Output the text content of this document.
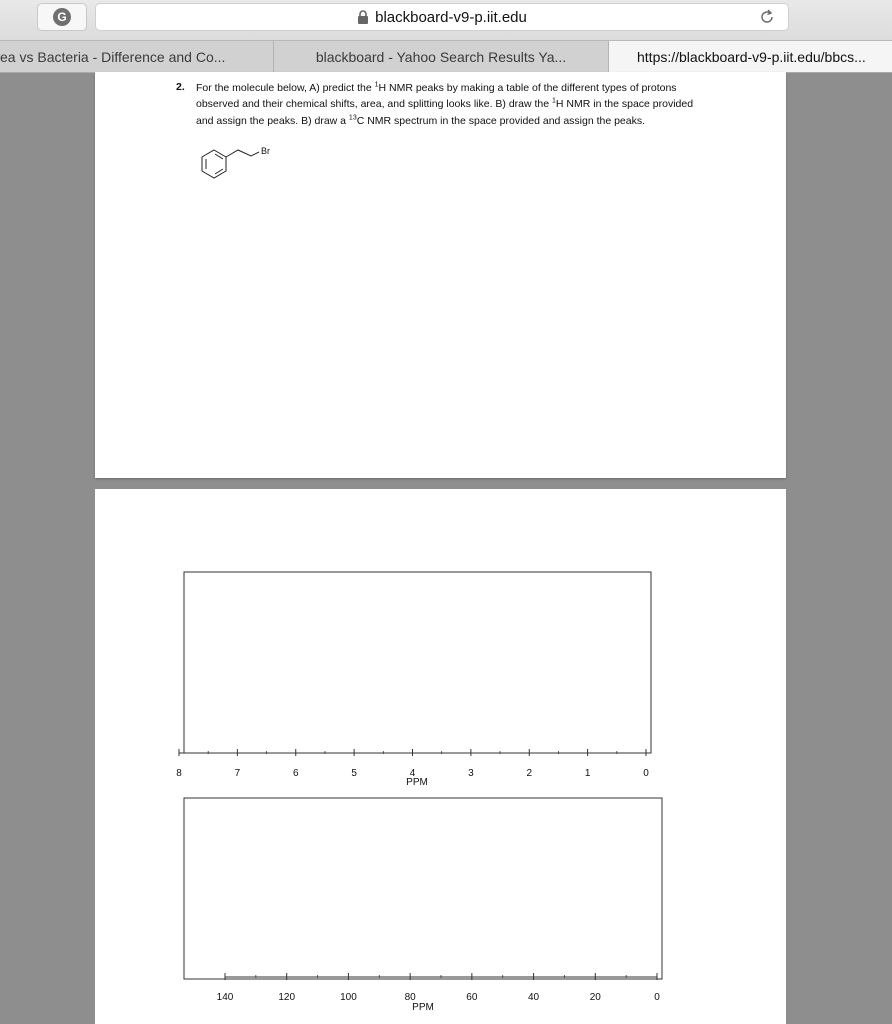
G	blackboard-v9-p.iit.edu
ea vs Bacteria - Difference and Co...	blackboard - Yahoo Search Results Ya...	https://blackboard-v9-p.iit.edu/bbcs...
2. For the molecule below, A) predict the $^1$H NMR peaks by making a table of the different types of protons observed and their chemical shifts, area, and splitting looks like. B) draw the $^1$H NMR in the space provided and assign the peaks. B) draw a $^{13}$C NMR spectrum in the space provided and assign the peaks.
Br
PPM
8	7	6	5	4	3	2	1	0
PPM
140	120	100	80	60	40	20	0
